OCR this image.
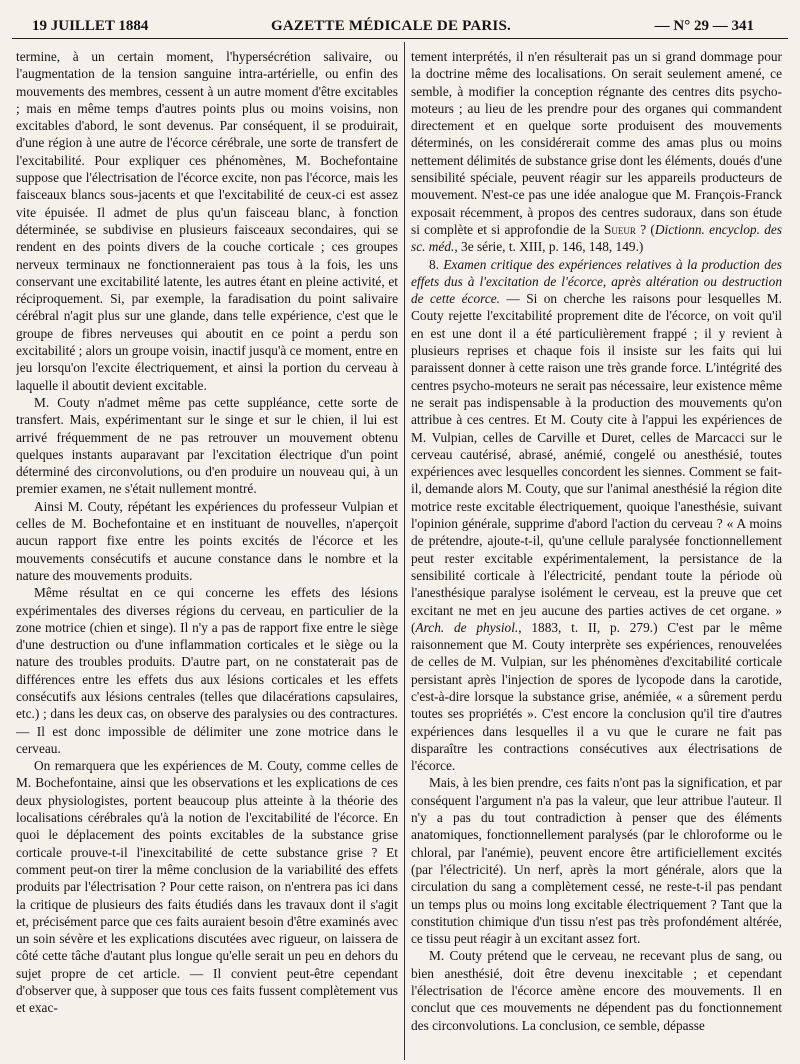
19 JUILLET 1884	GAZETTE MÉDICALE DE PARIS.	— N° 29 — 341

termine, à un certain moment, l'hypersécrétion salivaire, ou l'augmentation de la tension sanguine intra-artérielle, ou enfin des mouvements des membres, cessent à un autre moment d'être excitables ; mais en même temps d'autres points plus ou moins voisins, non excitables d'abord, le sont devenus. Par conséquent, il se produirait, d'une région à une autre de l'écorce cérébrale, une sorte de transfert de l'excitabilité. Pour expliquer ces phénomènes, M. Bochefontaine suppose que l'électrisation de l'écorce excite, non pas l'écorce, mais les faisceaux blancs sous-jacents et que l'excitabilité de ceux-ci est assez vite épuisée. Il admet de plus qu'un faisceau blanc, à fonction déterminée, se subdivise en plusieurs faisceaux secondaires, qui se rendent en des points divers de la couche corticale ; ces groupes nerveux terminaux ne fonctionneraient pas tous à la fois, les uns conservant une excitabilité latente, les autres étant en pleine activité, et réciproquement. Si, par exemple, la faradisation du point salivaire cérébral n'agit plus sur une glande, dans telle expérience, c'est que le groupe de fibres nerveuses qui aboutit en ce point a perdu son excitabilité ; alors un groupe voisin, inactif jusqu'à ce moment, entre en jeu lorsqu'on l'excite électriquement, et ainsi la portion du cerveau à laquelle il aboutit devient excitable.

M. Couty n'admet même pas cette suppléance, cette sorte de transfert. Mais, expérimentant sur le singe et sur le chien, il lui est arrivé fréquemment de ne pas retrouver un mouvement obtenu quelques instants auparavant par l'excitation électrique d'un point déterminé des circonvolutions, ou d'en produire un nouveau qui, à un premier examen, ne s'était nullement montré.

Ainsi M. Couty, répétant les expériences du professeur Vulpian et celles de M. Bochefontaine et en instituant de nouvelles, n'aperçoit aucun rapport fixe entre les points excités de l'écorce et les mouvements consécutifs et aucune constance dans le nombre et la nature des mouvements produits.

Même résultat en ce qui concerne les effets des lésions expérimentales des diverses régions du cerveau, en particulier de la zone motrice (chien et singe). Il n'y a pas de rapport fixe entre le siège d'une destruction ou d'une inflammation corticales et le siège ou la nature des troubles produits. D'autre part, on ne constaterait pas de différences entre les effets dus aux lésions corticales et les effets consécutifs aux lésions centrales (telles que dilacérations capsulaires, etc.) ; dans les deux cas, on observe des paralysies ou des contractures. — Il est donc impossible de délimiter une zone motrice dans le cerveau.

On remarquera que les expériences de M. Couty, comme celles de M. Bochefontaine, ainsi que les observations et les explications de ces deux physiologistes, portent beaucoup plus atteinte à la théorie des localisations cérébrales qu'à la notion de l'excitabilité de l'écorce. En quoi le déplacement des points excitables de la substance grise corticale prouve-t-il l'inexcitabilité de cette substance grise ? Et comment peut-on tirer la même conclusion de la variabilité des effets produits par l'électrisation ? Pour cette raison, on n'entrera pas ici dans la critique de plusieurs des faits étudiés dans les travaux dont il s'agit et, précisément parce que ces faits auraient besoin d'être examinés avec un soin sévère et les explications discutées avec rigueur, on laissera de côté cette tâche d'autant plus longue qu'elle serait un peu en dehors du sujet propre de cet article. — Il convient peut-être cependant d'observer que, à supposer que tous ces faits fussent complètement vus et exac-

tement interprétés, il n'en résulterait pas un si grand dommage pour la doctrine même des localisations. On serait seulement amené, ce semble, à modifier la conception régnante des centres dits psycho-moteurs ; au lieu de les prendre pour des organes qui commandent directement et en quelque sorte produisent des mouvements déterminés, on les considérerait comme des amas plus ou moins nettement délimités de substance grise dont les éléments, doués d'une sensibilité spéciale, peuvent réagir sur les appareils producteurs de mouvement. N'est-ce pas une idée analogue que M. François-Franck exposait récemment, à propos des centres sudoraux, dans son étude si complète et si approfondie de la Sueur ? (Dictionn. encyclop. des sc. méd., 3e série, t. XIII, p. 146, 148, 149.)

8. Examen critique des expériences relatives à la production des effets dus à l'excitation de l'écorce, après altération ou destruction de cette écorce. — Si on cherche les raisons pour lesquelles M. Couty rejette l'excitabilité proprement dite de l'écorce, on voit qu'il en est une dont il a été particulièrement frappé ; il y revient à plusieurs reprises et chaque fois il insiste sur les faits qui lui paraissent donner à cette raison une très grande force. L'intégrité des centres psycho-moteurs ne serait pas nécessaire, leur existence même ne serait pas indispensable à la production des mouvements qu'on attribue à ces centres. Et M. Couty cite à l'appui les expériences de M. Vulpian, celles de Carville et Duret, celles de Marcacci sur le cerveau cautérisé, abrasé, anémié, congelé ou anesthésié, toutes expériences avec lesquelles concordent les siennes. Comment se fait-il, demande alors M. Couty, que sur l'animal anesthésié la région dite motrice reste excitable électriquement, quoique l'anesthésie, suivant l'opinion générale, supprime d'abord l'action du cerveau ? « A moins de prétendre, ajoute-t-il, qu'une cellule paralysée fonctionnellement peut rester excitable expérimentalement, la persistance de la sensibilité corticale à l'électricité, pendant toute la période où l'anesthésique paralyse isolément le cerveau, est la preuve que cet excitant ne met en jeu aucune des parties actives de cet organe. » (Arch. de physiol., 1883, t. II, p. 279.) C'est par le même raisonnement que M. Couty interprète ses expériences, renouvelées de celles de M. Vulpian, sur les phénomènes d'excitabilité corticale persistant après l'injection de spores de lycopode dans la carotide, c'est-à-dire lorsque la substance grise, anémiée, « a sûrement perdu toutes ses propriétés ». C'est encore la conclusion qu'il tire d'autres expériences dans lesquelles il a vu que le curare ne fait pas disparaître les contractions consécutives aux électrisations de l'écorce.

Mais, à les bien prendre, ces faits n'ont pas la signification, et par conséquent l'argument n'a pas la valeur, que leur attribue l'auteur. Il n'y a pas du tout contradiction à penser que des éléments anatomiques, fonctionnellement paralysés (par le chloroforme ou le chloral, par l'anémie), peuvent encore être artificiellement excités (par l'électricité). Un nerf, après la mort générale, alors que la circulation du sang a complètement cessé, ne reste-t-il pas pendant un temps plus ou moins long excitable électriquement ? Tant que la constitution chimique d'un tissu n'est pas très profondément altérée, ce tissu peut réagir à un excitant assez fort.

M. Couty prétend que le cerveau, ne recevant plus de sang, ou bien anesthésié, doit être devenu inexcitable ; et cependant l'électrisation de l'écorce amène encore des mouvements. Il en conclut que ces mouvements ne dépendent pas du fonctionnement des circonvolutions. La conclusion, ce semble, dépasse
